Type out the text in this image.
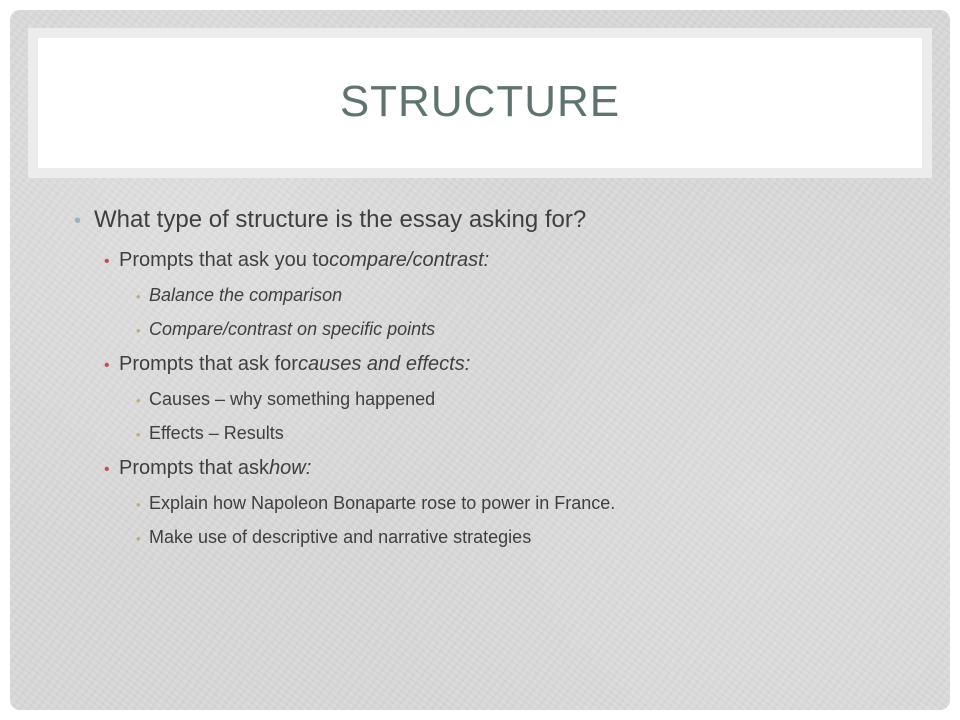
STRUCTURE
• What type of structure is the essay asking for?
• Prompts that ask you to compare/contrast:
• Balance the comparison
• Compare/contrast on specific points
• Prompts that ask for causes and effects:
• Causes – why something happened
• Effects – Results
• Prompts that ask how:
• Explain how Napoleon Bonaparte rose to power in France.
• Make use of descriptive and narrative strategies
